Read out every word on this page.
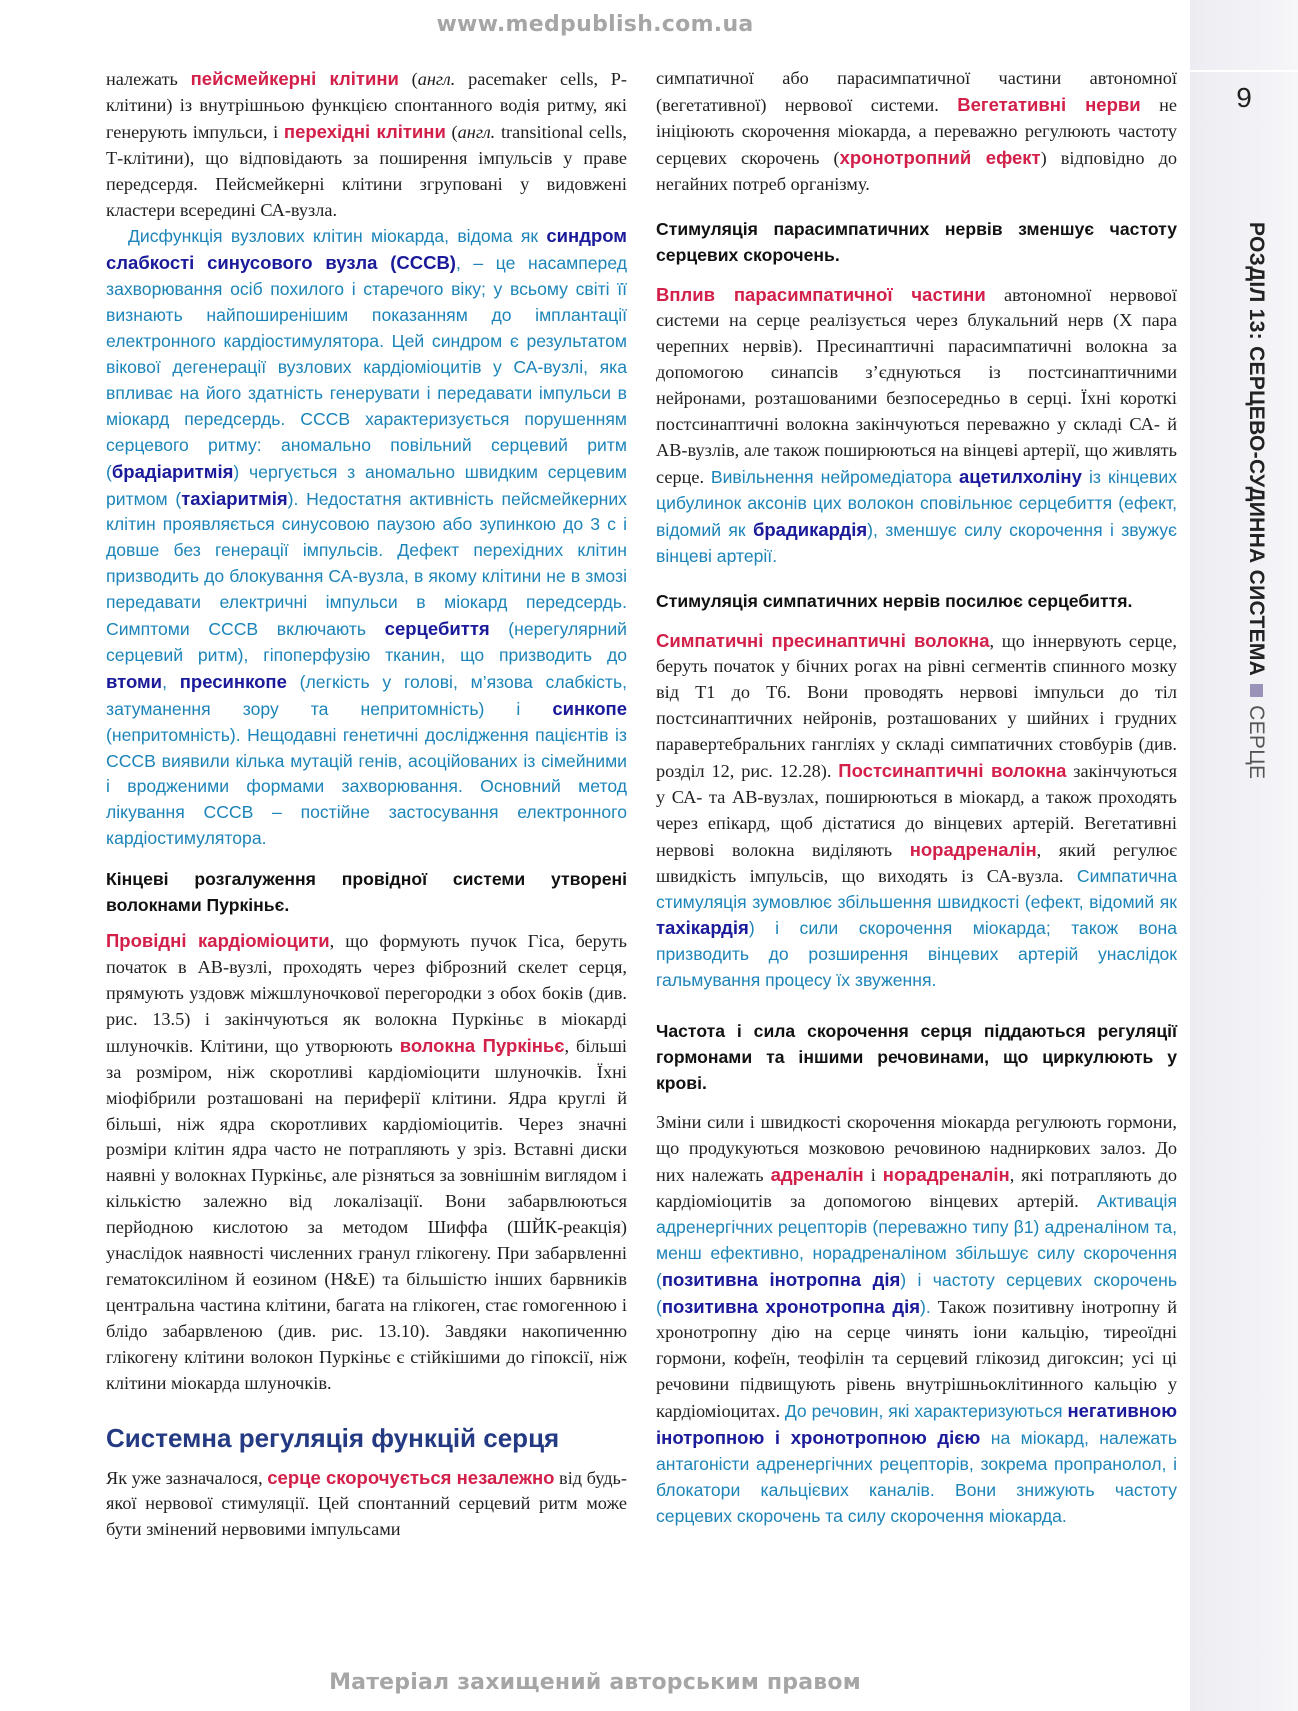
www.medpublish.com.ua
9
РОЗДІЛ 13: СЕРЦЕВО-СУДИННА СИСТЕМАСЕРЦЕ

належать пейсмейкерні клітини (англ. pacemaker cells, Р-клітини) із внутрішньою функцією спонтанного водія ритму, які генерують імпульси, і перехідні клітини (англ. transitional cells, Т-клітини), що відповідають за поширення імпульсів у праве передсердя. Пейсмейкерні клітини згруповані у видовжені кластери всередині СА-вузла.

Дисфункція вузлових клітин міокарда, відома як синдром слабкості синусового вузла (СССВ), – це насамперед захворювання осіб похилого і старечого віку; у всьому світі її визнають найпоширенішим показанням до імплантації електронного кардіостимулятора. Цей синдром є результатом вікової дегенерації вузлових кардіоміоцитів у СА-вузлі, яка впливає на його здатність генерувати і передавати імпульси в міокард передсердь. СССВ характеризується порушенням серцевого ритму: аномально повільний серцевий ритм (брадіаритмія) чергується з аномально швидким серцевим ритмом (тахіаритмія). Недостатня активність пейсмейкерних клітин проявляється синусовою паузою або зупинкою до 3 с і довше без генерації імпульсів. Дефект перехідних клітин призводить до блокування СА-вузла, в якому клітини не в змозі передавати електричні імпульси в міокард передсердь. Симптоми СССВ включають серцебиття (нерегулярний серцевий ритм), гіпоперфузію тканин, що призводить до втоми, пресинкопе (легкість у голові, м’язова слабкість, затуманення зору та непритомність) і синкопе (непритомність). Нещодавні генетичні дослідження пацієнтів із СССВ виявили кілька мутацій генів, асоційованих із сімейними і вродженими формами захворювання. Основний метод лікування СССВ – постійне застосування електронного кардіостимулятора.

Кінцеві розгалуження провідної системи утворені волокнами Пуркіньє.

Провідні кардіоміоцити, що формують пучок Гіса, беруть початок в АВ-вузлі, проходять через фіброзний скелет серця, прямують уздовж міжшлуночкової перегородки з обох боків (див. рис. 13.5) і закінчуються як волокна Пуркіньє в міокарді шлуночків. Клітини, що утворюють волокна Пуркіньє, більші за розміром, ніж скоротливі кардіоміоцити шлуночків. Їхні міофібрили розташовані на периферії клітини. Ядра круглі й більші, ніж ядра скоротливих кардіоміоцитів. Через значні розміри клітин ядра часто не потрапляють у зріз. Вставні диски наявні у волокнах Пуркіньє, але різняться за зовнішнім виглядом і кількістю залежно від локалізації. Вони забарвлюються перйодною кислотою за методом Шиффа (ШЙК-реакція) унаслідок наявності численних гранул глікогену. При забарвленні гематоксиліном й еозином (H&E) та більшістю інших барвників центральна частина клітини, багата на глікоген, стає гомогенною і блідо забарвленою (див. рис. 13.10). Завдяки накопиченню глікогену клітини волокон Пуркіньє є стійкішими до гіпоксії, ніж клітини міокарда шлуночків.

Системна регуляція функцій серця

Як уже зазначалося, серце скорочується незалежно від будь-якої нервової стимуляції. Цей спонтанний серцевий ритм може бути змінений нервовими імпульсами

симпатичної або парасимпатичної частини автономної (вегетативної) нервової системи. Вегетативні нерви не ініціюють скорочення міокарда, а переважно регулюють частоту серцевих скорочень (хронотропний ефект) відповідно до негайних потреб організму.

Стимуляція парасимпатичних нервів зменшує частоту серцевих скорочень.

Вплив парасимпатичної частини автономної нервової системи на серце реалізується через блукальний нерв (X пара черепних нервів). Пресинаптичні парасимпатичні волокна за допомогою синапсів з’єднуються із постсинаптичними нейронами, розташованими безпосередньо в серці. Їхні короткі постсинаптичні волокна закінчуються переважно у складі СА- й АВ-вузлів, але також поширюються на вінцеві артерії, що живлять серце. Вивільнення нейромедіатора ацетилхоліну із кінцевих цибулинок аксонів цих волокон сповільнює серцебиття (ефект, відомий як брадикардія), зменшує силу скорочення і звужує вінцеві артерії.

Стимуляція симпатичних нервів посилює серцебиття.

Симпатичні пресинаптичні волокна, що іннервують серце, беруть початок у бічних рогах на рівні сегментів спинного мозку від Т1 до Т6. Вони проводять нервові імпульси до тіл постсинаптичних нейронів, розташованих у шийних і грудних паравертебральних гангліях у складі симпатичних стовбурів (див. розділ 12, рис. 12.28). Постсинаптичні волокна закінчуються у СА- та АВ-вузлах, поширюються в міокард, а також проходять через епікард, щоб дістатися до вінцевих артерій. Вегетативні нервові волокна виділяють норадреналін, який регулює швидкість імпульсів, що виходять із СА-вузла. Симпатична стимуляція зумовлює збільшення швидкості (ефект, відомий як тахікардія) і сили скорочення міокарда; також вона призводить до розширення вінцевих артерій унаслідок гальмування процесу їх звуження.

Частота і сила скорочення серця піддаються регуляції гормонами та іншими речовинами, що циркулюють у крові.

Зміни сили і швидкості скорочення міокарда регулюють гормони, що продукуються мозковою речовиною надниркових залоз. До них належать адреналін і норадреналін, які потрапляють до кардіоміоцитів за допомогою вінцевих артерій. Активація адренергічних рецепторів (переважно типу β1) адреналіном та, менш ефективно, норадреналіном збільшує силу скорочення (позитивна інотропна дія) і частоту серцевих скорочень (позитивна хронотропна дія). Також позитивну інотропну й хронотропну дію на серце чинять іони кальцію, тиреоїдні гормони, кофеїн, теофілін та серцевий глікозид дигоксин; усі ці речовини підвищують рівень внутрішньоклітинного кальцію у кардіоміоцитах. До речовин, які характеризуються негативною інотропною і хронотропною дією на міокард, належать антагоністи адренергічних рецепторів, зокрема пропранолол, і блокатори кальцієвих каналів. Вони знижують частоту серцевих скорочень та силу скорочення міокарда.

Матеріал захищений авторським правом
